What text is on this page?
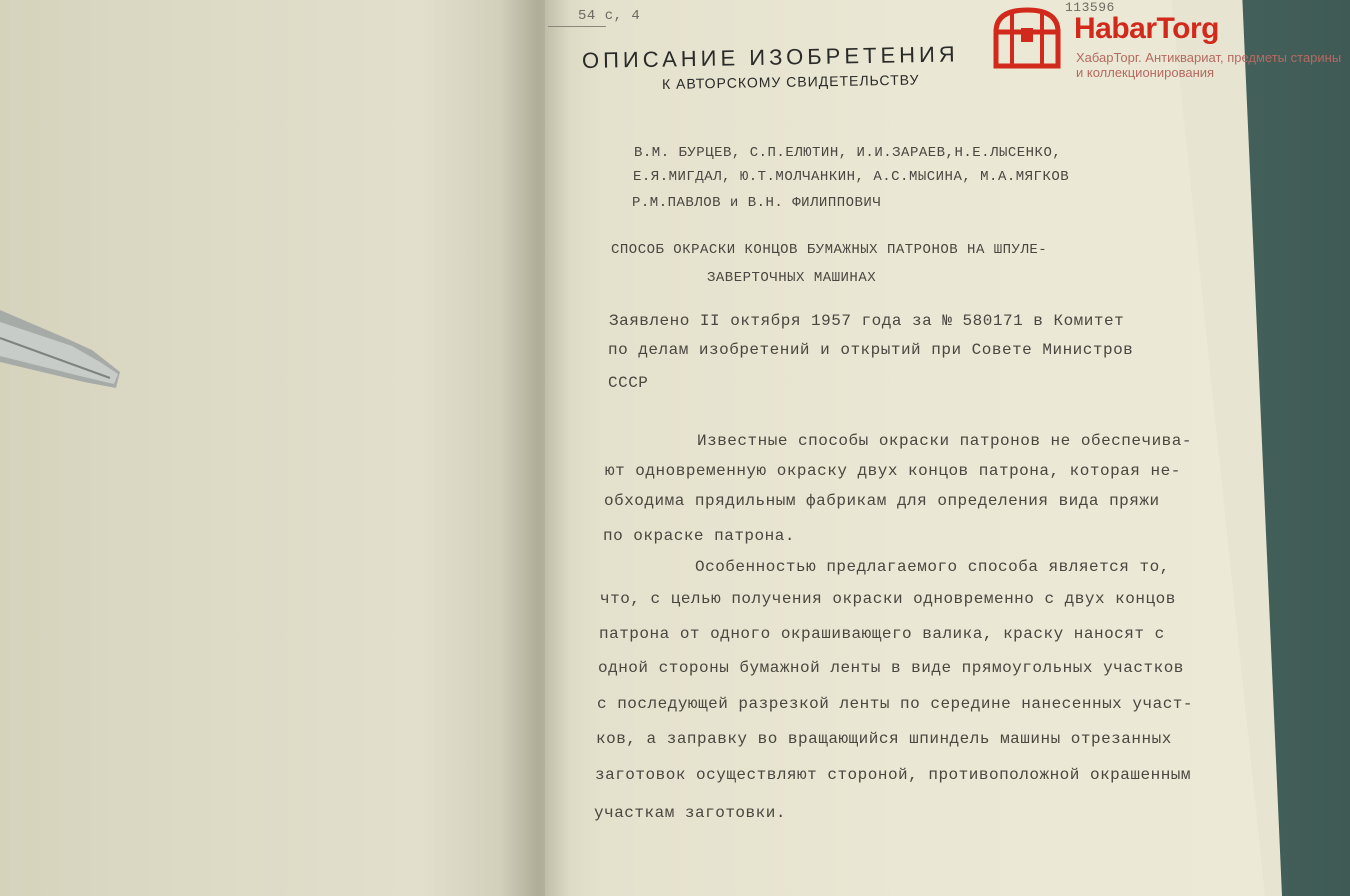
54 с, 4
113596
ОПИСАНИЕ ИЗОБРЕТЕНИЯ
К АВТОРСКОМУ СВИДЕТЕЛЬСТВУ
В.М. БУРЦЕВ, С.П.ЕЛЮТИН, И.И.ЗАРАЕВ,Н.Е.ЛЫСЕНКО,
Е.Я.МИГДАЛ, Ю.Т.МОЛЧАНКИН, А.С.МЫСИНА, М.А.МЯГКОВ
Р.М.ПАВЛОВ и В.Н. ФИЛИППОВИЧ
СПОСОБ ОКРАСКИ КОНЦОВ БУМАЖНЫХ ПАТРОНОВ НА ШПУЛЕ-
ЗАВЕРТОЧНЫХ МАШИНАХ
Заявлено II октября 1957 года за № 580171 в Комитет
по делам изобретений и открытий при Совете Министров
СССР
Известные способы окраски патронов не обеспечива-
ют одновременную окраску двух концов патрона, которая не-
обходима прядильным фабрикам для определения вида пряжи
по окраске патрона.
Особенностью предлагаемого способа является то,
что, с целью получения окраски одновременно с двух концов
патрона от одного окрашивающего валика, краску наносят с
одной стороны бумажной ленты в виде прямоугольных участков
с последующей разрезкой ленты по середине нанесенных участ-
ков, а заправку во вращающийся шпиндель машины отрезанных
заготовок осуществляют стороной, противоположной окрашенным
участкам заготовки.
HabarTorg
ХабарТорг. Антиквариат, предметы старины и коллекционирования
